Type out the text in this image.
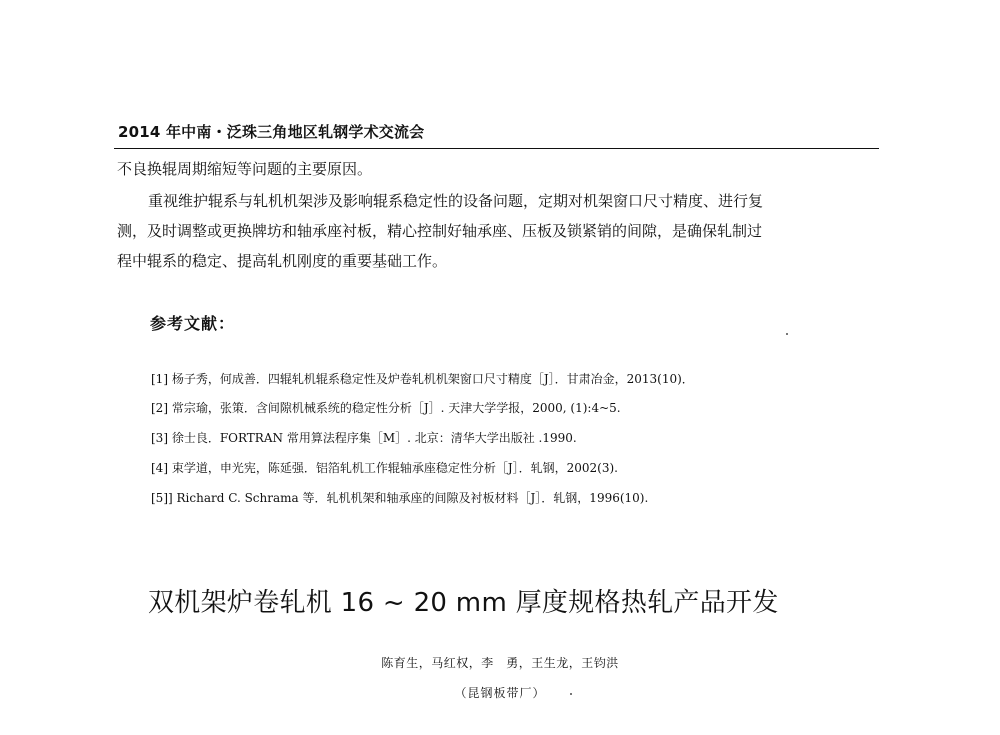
2014 年中南・泛珠三角地区轧钢学术交流会
不良换辊周期缩短等问题的主要原因。
重视维护辊系与轧机机架涉及影响辊系稳定性的设备问题，定期对机架窗口尺寸精度、进行复
测，及时调整或更换牌坊和轴承座衬板，精心控制好轴承座、压板及锁紧销的间隙，是确保轧制过
程中辊系的稳定、提高轧机刚度的重要基础工作。
参考文献：
[1] 杨子秀，何成善．四辊轧机辊系稳定性及炉卷轧机机架窗口尺寸精度［J］．甘肃冶金，2013(10)．
[2] 常宗瑜，张策．含间隙机械系统的稳定性分析［J］. 天津大学学报，2000, (1):4~5.
[3] 徐士良．FORTRAN 常用算法程序集［M］. 北京：清华大学出版社 .1990.
[4] 束学道，申光宪，陈延强．铝箔轧机工作辊轴承座稳定性分析［J］．轧钢，2002(3).
[5]] Richard C. Schrama 等．轧机机架和轴承座的间隙及衬板材料［J］．轧钢，1996(10).
双机架炉卷轧机 16 ~ 20 mm 厚度规格热轧产品开发
陈育生，马红权，李　勇，王生龙，王钧洪
（昆钢板带厂）
